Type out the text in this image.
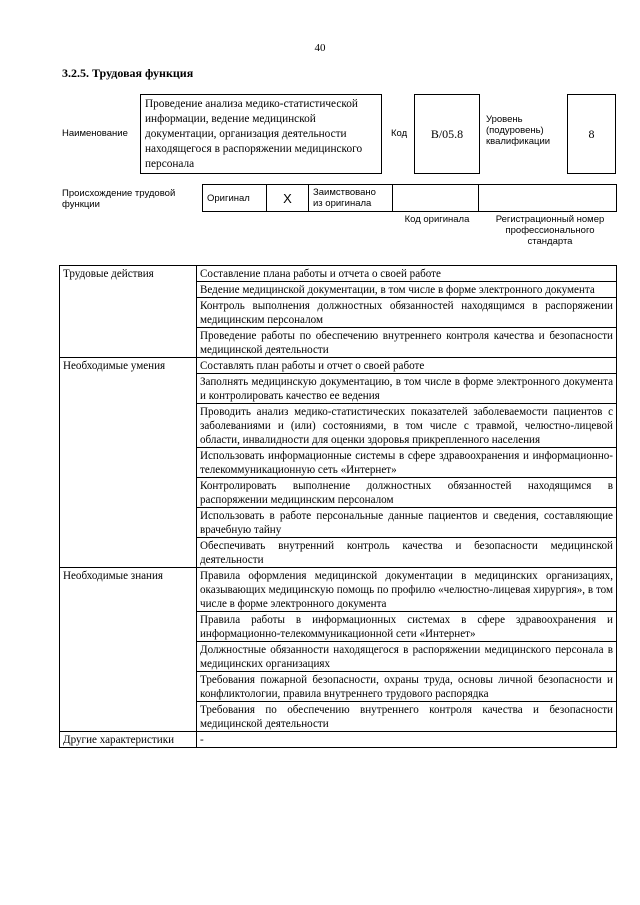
40
3.2.5. Трудовая функция
Наименование
Проведение анализа медико-статистической информации, ведение медицинской документации, организация деятельности находящегося в распоряжении медицинского персонала
Код	B/05.8
Уровень (подуровень) квалификации
8
Происхождение трудовой функции
Оригинал	X	Заимствовано из оригинала
Код оригинала	Регистрационный номер профессионального стандарта
Трудовые действия	Составление плана работы и отчета о своей работе
	Ведение медицинской документации, в том числе в форме электронного документа
	Контроль выполнения должностных обязанностей находящимся в распоряжении медицинским персоналом
	Проведение работы по обеспечению внутреннего контроля качества и безопасности медицинской деятельности
Необходимые умения	Составлять план работы и отчет о своей работе
	Заполнять медицинскую документацию, в том числе в форме электронного документа и контролировать качество ее ведения
	Проводить анализ медико-статистических показателей заболеваемости пациентов с заболеваниями и (или) состояниями, в том числе с травмой, челюстно-лицевой области, инвалидности для оценки здоровья прикрепленного населения
	Использовать информационные системы в сфере здравоохранения и информационно-телекоммуникационную сеть «Интернет»
	Контролировать выполнение должностных обязанностей находящимся в распоряжении медицинским персоналом
	Использовать в работе персональные данные пациентов и сведения, составляющие врачебную тайну
	Обеспечивать внутренний контроль качества и безопасности медицинской деятельности
Необходимые знания	Правила оформления медицинской документации в медицинских организациях, оказывающих медицинскую помощь по профилю «челюстно-лицевая хирургия», в том числе в форме электронного документа
	Правила работы в информационных системах в сфере здравоохранения и информационно-телекоммуникационной сети «Интернет»
	Должностные обязанности находящегося в распоряжении медицинского персонала в медицинских организациях
	Требования пожарной безопасности, охраны труда, основы личной безопасности и конфликтологии, правила внутреннего трудового распорядка
	Требования по обеспечению внутреннего контроля качества и безопасности медицинской деятельности
Другие характеристики	-
